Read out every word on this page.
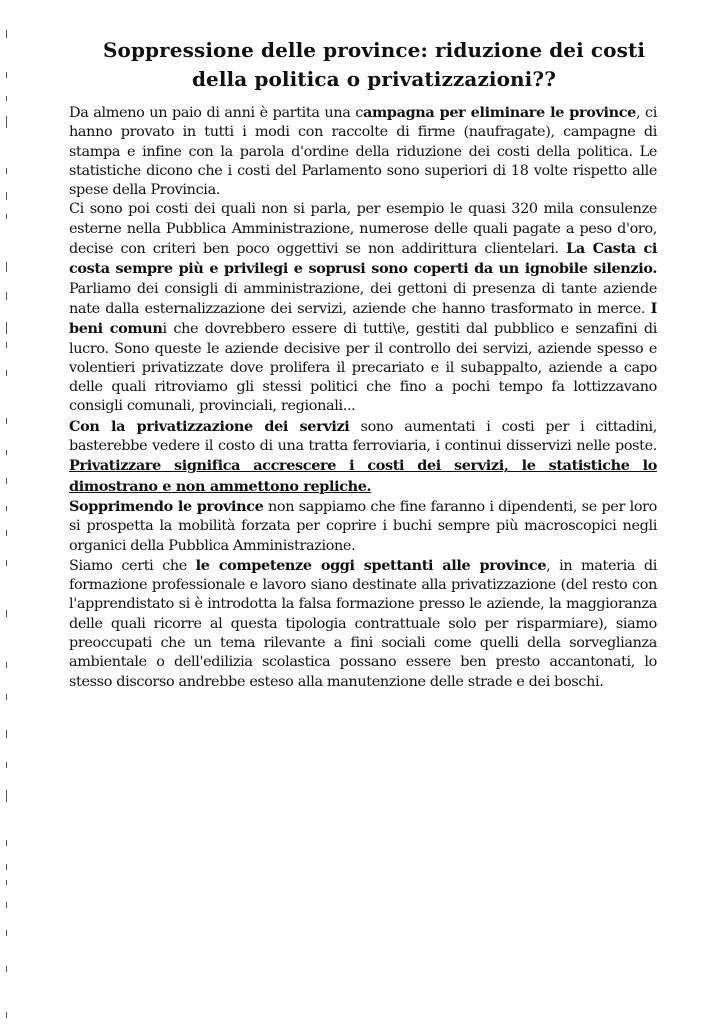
Soppressione delle province: riduzione dei costi
della politica o privatizzazioni??
Da almeno un paio di anni è partita una campagna per eliminare le province, ci hanno provato in tutti i modi con raccolte di firme (naufragate), campagne di stampa e infine con la parola d'ordine della riduzione dei costi della politica. Le statistiche dicono che i costi del Parlamento sono superiori di 18 volte rispetto alle spese della Provincia.
Ci sono poi costi dei quali non si parla, per esempio le quasi 320 mila consulenze esterne nella Pubblica Amministrazione, numerose delle quali pagate a peso d'oro, decise con criteri ben poco oggettivi se non addirittura clientelari. La Casta ci costa sempre più e privilegi e soprusi sono coperti da un ignobile silenzio. Parliamo dei consigli di amministrazione, dei gettoni di presenza di tante aziende nate dalla esternalizzazione dei servizi, aziende che hanno trasformato in merce. I beni comuni che dovrebbero essere di tutti\e, gestiti dal pubblico e senzafini di lucro. Sono queste le aziende decisive per il controllo dei servizi, aziende spesso e volentieri privatizzate dove prolifera il precariato e il subappalto, aziende a capo delle quali ritroviamo gli stessi politici che fino a pochi tempo fa lottizzavano consigli comunali, provinciali, regionali...
Con la privatizzazione dei servizi sono aumentati i costi per i cittadini, basterebbe vedere il costo di una tratta ferroviaria, i continui disservizi nelle poste. Privatizzare significa accrescere i costi dei servizi, le statistiche lo dimostrano e non ammettono repliche.
Sopprimendo le province non sappiamo che fine faranno i dipendenti, se per loro si prospetta la mobilità forzata per coprire i buchi sempre più macroscopici negli organici della Pubblica Amministrazione.
Siamo certi che le competenze oggi spettanti alle province, in materia di formazione professionale e lavoro siano destinate alla privatizzazione (del resto con l'apprendistato si è introdotta la falsa formazione presso le aziende, la maggioranza delle quali ricorre al questa tipologia contrattuale solo per risparmiare), siamo preoccupati che un tema rilevante a fini sociali come quelli della sorveglianza ambientale o dell'edilizia scolastica possano essere ben presto accantonati, lo stesso discorso andrebbe esteso alla manutenzione delle strade e dei boschi.
